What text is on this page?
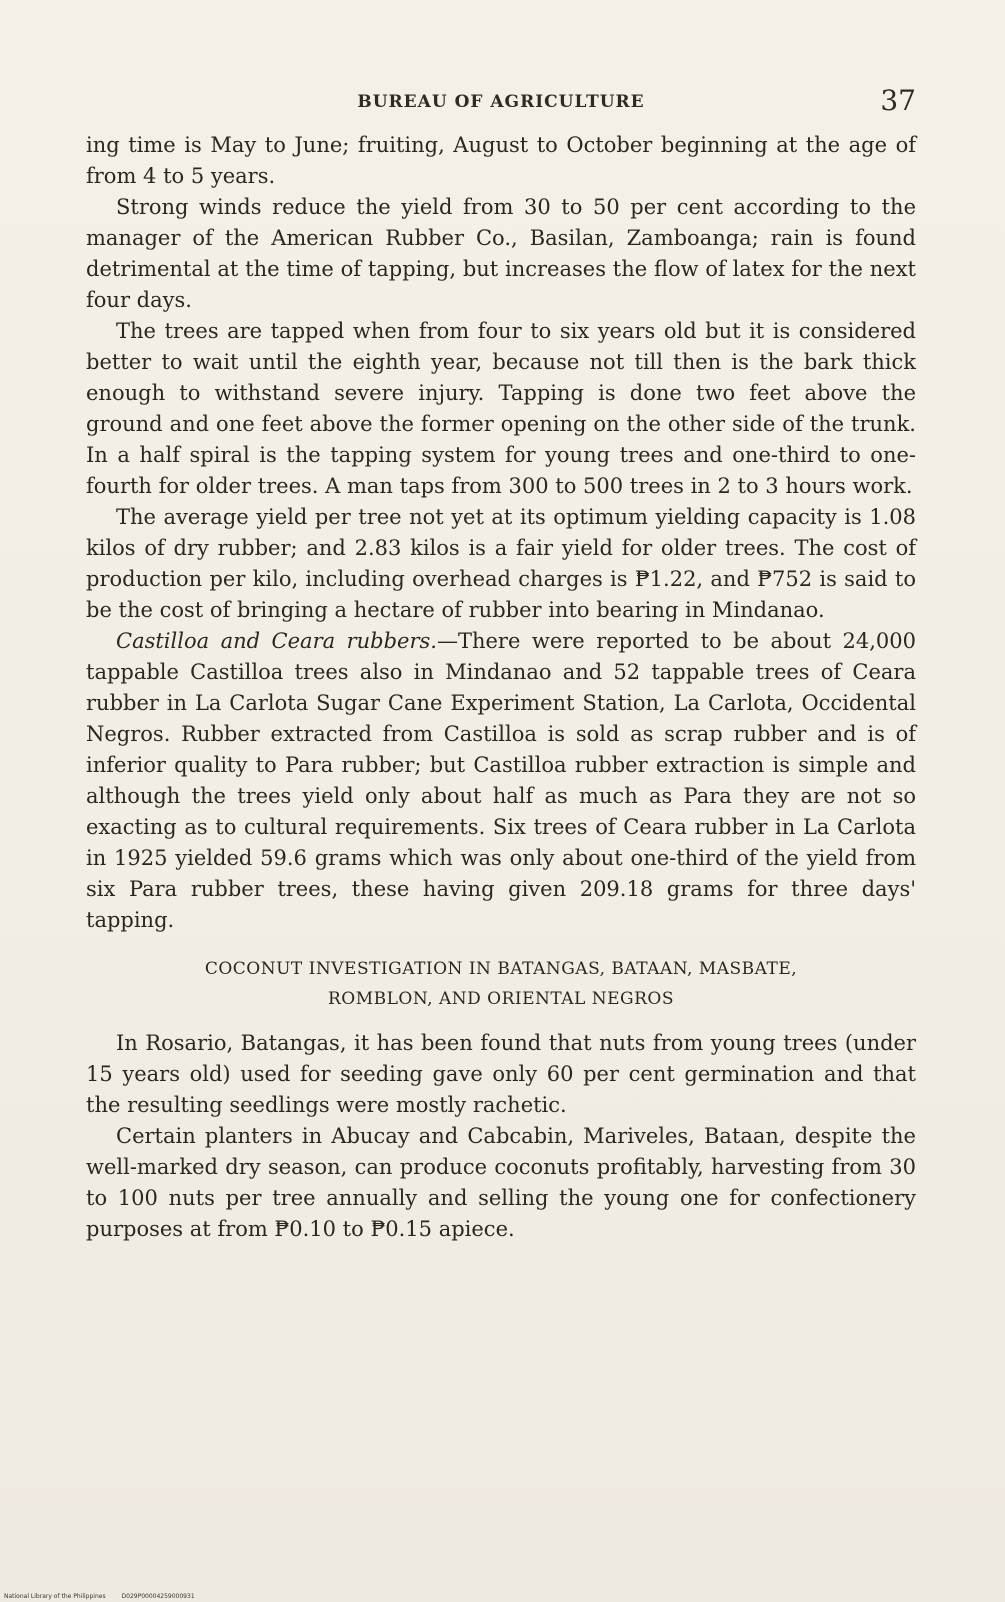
BUREAU OF AGRICULTURE	37

ing time is May to June; fruiting, August to October beginning at the age of from 4 to 5 years.

Strong winds reduce the yield from 30 to 50 per cent according to the manager of the American Rubber Co., Basilan, Zamboanga; rain is found detrimental at the time of tapping, but increases the flow of latex for the next four days.

The trees are tapped when from four to six years old but it is considered better to wait until the eighth year, because not till then is the bark thick enough to withstand severe injury. Tapping is done two feet above the ground and one feet above the former opening on the other side of the trunk. In a half spiral is the tapping system for young trees and one-third to one-fourth for older trees. A man taps from 300 to 500 trees in 2 to 3 hours work.

The average yield per tree not yet at its optimum yielding capacity is 1.08 kilos of dry rubber; and 2.83 kilos is a fair yield for older trees. The cost of production per kilo, including overhead charges is ₱1.22, and ₱752 is said to be the cost of bringing a hectare of rubber into bearing in Mindanao.

Castilloa and Ceara rubbers.—There were reported to be about 24,000 tappable Castilloa trees also in Mindanao and 52 tappable trees of Ceara rubber in La Carlota Sugar Cane Experiment Station, La Carlota, Occidental Negros. Rubber extracted from Castilloa is sold as scrap rubber and is of inferior quality to Para rubber; but Castilloa rubber extraction is simple and although the trees yield only about half as much as Para they are not so exacting as to cultural requirements. Six trees of Ceara rubber in La Carlota in 1925 yielded 59.6 grams which was only about one-third of the yield from six Para rubber trees, these having given 209.18 grams for three days' tapping.

COCONUT INVESTIGATION IN BATANGAS, BATAAN, MASBATE,
ROMBLON, AND ORIENTAL NEGROS

In Rosario, Batangas, it has been found that nuts from young trees (under 15 years old) used for seeding gave only 60 per cent germination and that the resulting seedlings were mostly rachetic.

Certain planters in Abucay and Cabcabin, Mariveles, Bataan, despite the well-marked dry season, can produce coconuts profitably, harvesting from 30 to 100 nuts per tree annually and selling the young one for confectionery purposes at from ₱0.10 to ₱0.15 apiece.

National Library of the Philippines	D029P00004259000931
